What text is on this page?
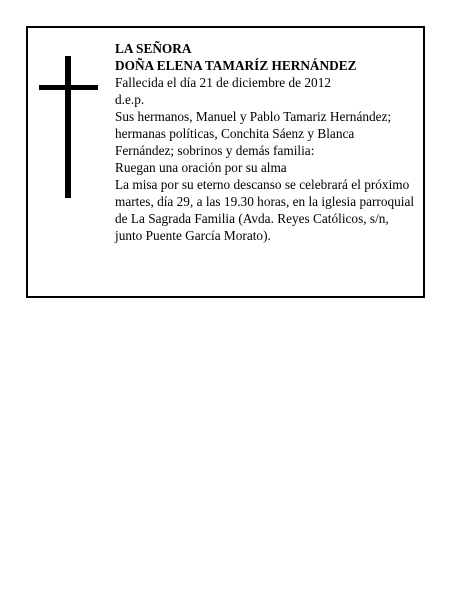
LA SEÑORA
DOÑA ELENA TAMARÍZ HERNÁNDEZ
Fallecida el día 21 de diciembre de 2012
d.e.p.
Sus hermanos, Manuel y Pablo Tamariz Hernández;
hermanas políticas, Conchita Sáenz y Blanca
Fernández; sobrinos y demás familia:
Ruegan una oración por su alma
La misa por su eterno descanso se celebrará el próximo
martes, día 29, a las 19.30 horas, en la iglesia parroquial
de La Sagrada Familia (Avda. Reyes Católicos, s/n,
junto Puente García Morato).
